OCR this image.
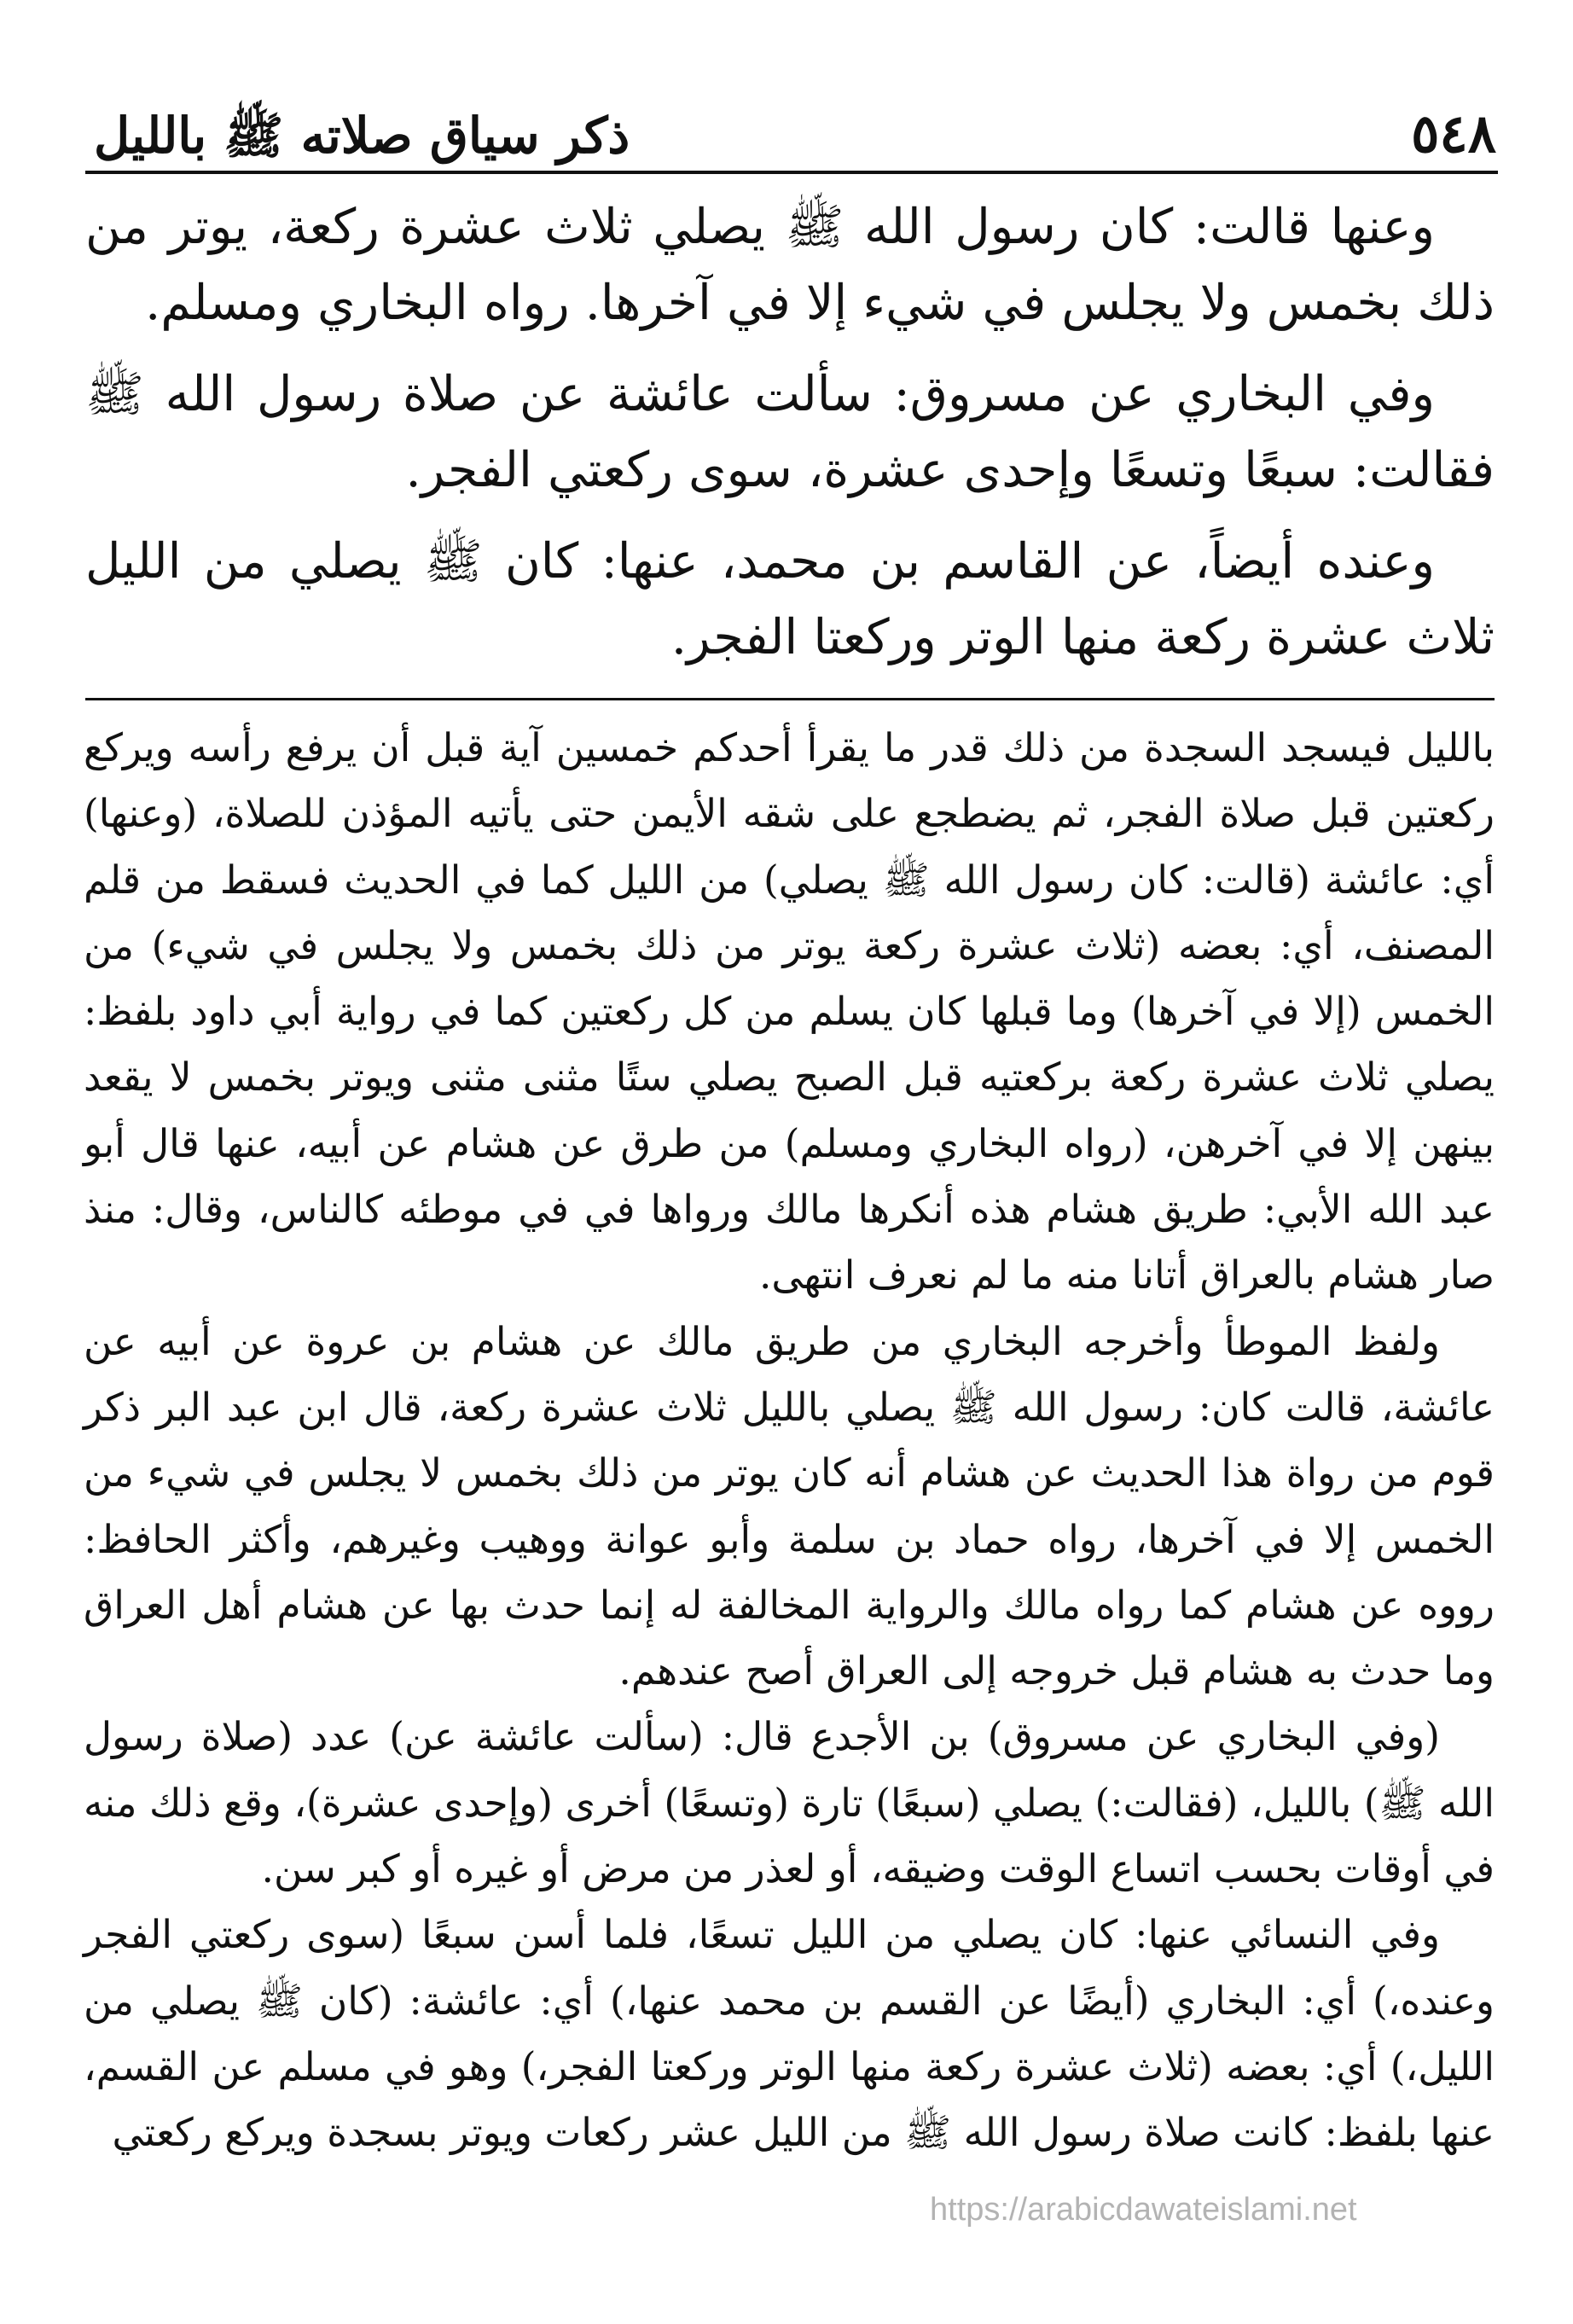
٥٤٨
ذكر سياق صلاته ﷺ بالليل

وعنها قالت: كان رسول الله ﷺ يصلي ثلاث عشرة ركعة، يوتر من ذلك بخمس ولا يجلس في شيء إلا في آخرها. رواه البخاري ومسلم.

وفي البخاري عن مسروق: سألت عائشة عن صلاة رسول الله ﷺ فقالت: سبعًا وتسعًا وإحدى عشرة، سوى ركعتي الفجر.

وعنده أيضاً، عن القاسم بن محمد، عنها: كان ﷺ يصلي من الليل ثلاث عشرة ركعة منها الوتر وركعتا الفجر.

بالليل فيسجد السجدة من ذلك قدر ما يقرأ أحدكم خمسين آية قبل أن يرفع رأسه ويركع ركعتين قبل صلاة الفجر، ثم يضطجع على شقه الأيمن حتى يأتيه المؤذن للصلاة، (وعنها) أي: عائشة (قالت: كان رسول الله ﷺ يصلي) من الليل كما في الحديث فسقط من قلم المصنف، أي: بعضه (ثلاث عشرة ركعة يوتر من ذلك بخمس ولا يجلس في شيء) من الخمس (إلا في آخرها) وما قبلها كان يسلم من كل ركعتين كما في رواية أبي داود بلفظ: يصلي ثلاث عشرة ركعة بركعتيه قبل الصبح يصلي ستًا مثنى مثنى ويوتر بخمس لا يقعد بينهن إلا في آخرهن، (رواه البخاري ومسلم) من طرق عن هشام عن أبيه، عنها قال أبو عبد الله الأبي: طريق هشام هذه أنكرها مالك ورواها في في موطئه كالناس، وقال: منذ صار هشام بالعراق أتانا منه ما لم نعرف انتهى.

ولفظ الموطأ وأخرجه البخاري من طريق مالك عن هشام بن عروة عن أبيه عن عائشة، قالت كان: رسول الله ﷺ يصلي بالليل ثلاث عشرة ركعة، قال ابن عبد البر ذكر قوم من رواة هذا الحديث عن هشام أنه كان يوتر من ذلك بخمس لا يجلس في شيء من الخمس إلا في آخرها، رواه حماد بن سلمة وأبو عوانة ووهيب وغيرهم، وأكثر الحافظ: رووه عن هشام كما رواه مالك والرواية المخالفة له إنما حدث بها عن هشام أهل العراق وما حدث به هشام قبل خروجه إلى العراق أصح عندهم.

(وفي البخاري عن مسروق) بن الأجدع قال: (سألت عائشة عن) عدد (صلاة رسول الله ﷺ) بالليل، (فقالت:) يصلي (سبعًا) تارة (وتسعًا) أخرى (وإحدى عشرة)، وقع ذلك منه في أوقات بحسب اتساع الوقت وضيقه، أو لعذر من مرض أو غيره أو كبر سن.

وفي النسائي عنها: كان يصلي من الليل تسعًا، فلما أسن سبعًا (سوى ركعتي الفجر وعنده،) أي: البخاري (أيضًا عن القسم بن محمد عنها،) أي: عائشة: (كان ﷺ يصلي من الليل،) أي: بعضه (ثلاث عشرة ركعة منها الوتر وركعتا الفجر،) وهو في مسلم عن القسم، عنها بلفظ: كانت صلاة رسول الله ﷺ من الليل عشر ركعات ويوتر بسجدة ويركع ركعتي

https://arabicdawateislami.net
